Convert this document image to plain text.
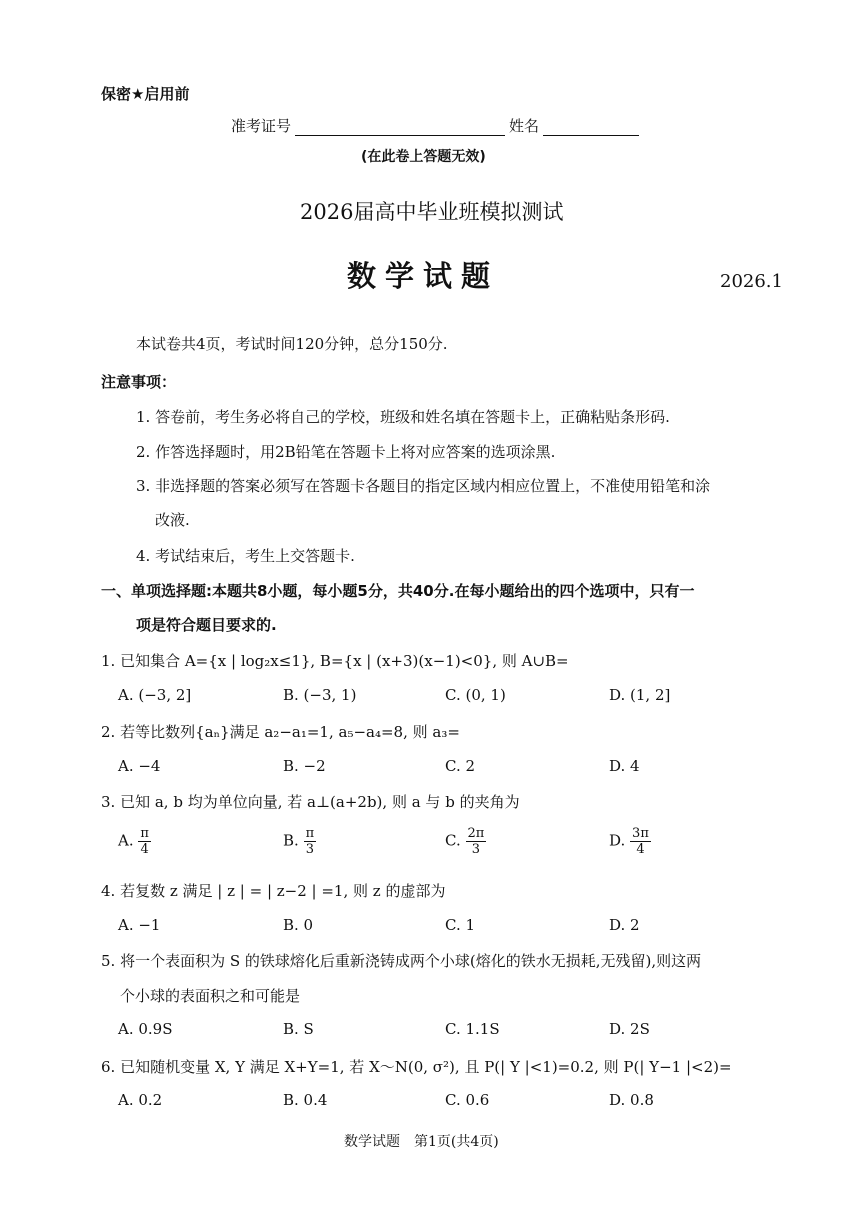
保密★启用前
准考证号	姓名
(在此卷上答题无效)
2026届高中毕业班模拟测试
数学试题	2026.1
本试卷共4页，考试时间120分钟，总分150分.
注意事项：
1. 答卷前，考生务必将自己的学校，班级和姓名填在答题卡上，正确粘贴条形码.
2. 作答选择题时，用2B铅笔在答题卡上将对应答案的选项涂黑.
3. 非选择题的答案必须写在答题卡各题目的指定区域内相应位置上，不准使用铅笔和涂
改液.
4. 考试结束后，考生上交答题卡.
一、单项选择题:本题共8小题，每小题5分，共40分.在每小题给出的四个选项中，只有一
项是符合题目要求的.
1. 已知集合 A={x | log₂x≤1}, B={x | (x+3)(x−1)<0}, 则 A∪B=
A. (−3, 2]	B. (−3, 1)	C. (0, 1)	D. (1, 2]
2. 若等比数列{aₙ}满足 a₂−a₁=1, a₅−a₄=8, 则 a₃=
A. −4	B. −2	C. 2	D. 4
3. 已知 a, b 均为单位向量, 若 a⊥(a+2b), 则 a 与 b 的夹角为
A. $\frac{\pi}{4}$	B. $\frac{\pi}{3}$	C. $\frac{2\pi}{3}$	D. $\frac{3\pi}{4}$
4. 若复数 z 满足 | z | = | z−2 | =1, 则 z 的虚部为
A. −1	B. 0	C. 1	D. 2
5. 将一个表面积为 S 的铁球熔化后重新浇铸成两个小球(熔化的铁水无损耗,无残留),则这两
个小球的表面积之和可能是
A. 0.9S	B. S	C. 1.1S	D. 2S
6. 已知随机变量 X, Y 满足 X+Y=1, 若 X～N(0, σ²), 且 P(| Y |<1)=0.2, 则 P(| Y−1 |<2)=
A. 0.2	B. 0.4	C. 0.6	D. 0.8
数学试题　第1页(共4页)
